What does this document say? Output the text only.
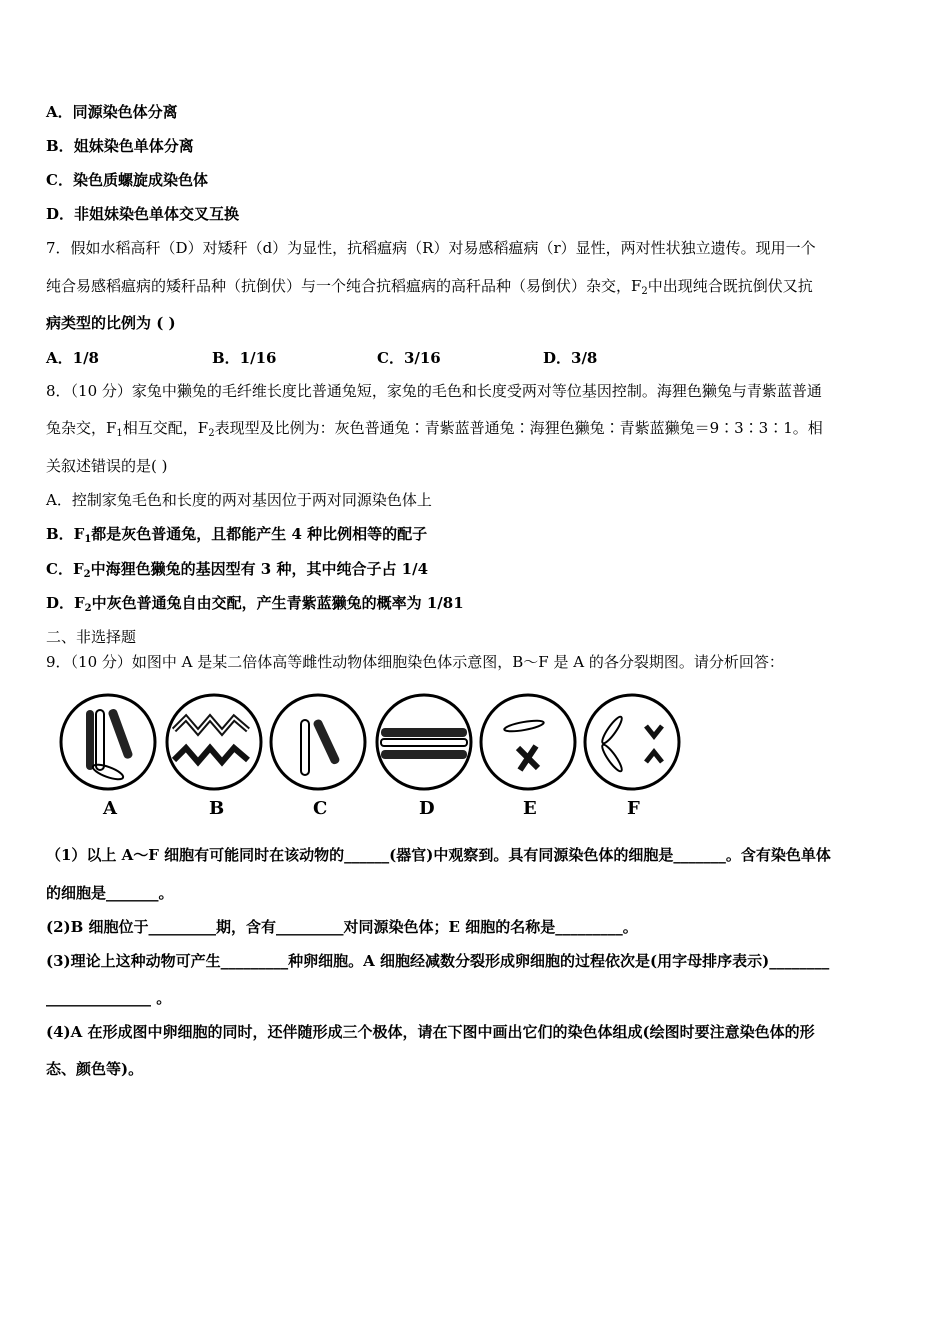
A．同源染色体分离
B．姐妹染色单体分离
C．染色质螺旋成染色体
D．非姐妹染色单体交叉互换
7．假如水稻高秆（D）对矮秆（d）为显性，抗稻瘟病（R）对易感稻瘟病（r）显性，两对性状独立遗传。现用一个
纯合易感稻瘟病的矮秆品种（抗倒伏）与一个纯合抗稻瘟病的高秆品种（易倒伏）杂交，$F_2$中出现纯合既抗倒伏又抗
病类型的比例为 ( )
A．1/8	B．1/16	C．3/16	D．3/8
8．（10 分）家兔中獭兔的毛纤维长度比普通兔短，家兔的毛色和长度受两对等位基因控制。海狸色獭兔与青紫蓝普通
兔杂交，$F_1$相互交配，$F_2$表现型及比例为：灰色普通兔∶青紫蓝普通兔∶海狸色獭兔∶青紫蓝獭兔＝9∶3∶3∶1。相
关叙述错误的是( )
A．控制家兔毛色和长度的两对基因位于两对同源染色体上
B．$F_1$都是灰色普通兔，且都能产生 4 种比例相等的配子
C．$F_2$中海狸色獭兔的基因型有 3 种，其中纯合子占 1/4
D．$F_2$中灰色普通兔自由交配，产生青紫蓝獭兔的概率为 1/81
二、非选择题
9．（10 分）如图中 A 是某二倍体高等雌性动物体细胞染色体示意图，B～F 是 A 的各分裂期图。请分析回答：
A	B	C	D	E	F
（1）以上 A～F 细胞有可能同时在该动物的______(器官)中观察到。具有同源染色体的细胞是_______。含有染色单体
的细胞是_______。
(2)B 细胞位于_________期，含有_________对同源染色体；E 细胞的名称是_________。
(3)理论上这种动物可产生_________种卵细胞。A 细胞经减数分裂形成卵细胞的过程依次是(用字母排序表示)________
______________ 。
(4)A 在形成图中卵细胞的同时，还伴随形成三个极体，请在下图中画出它们的染色体组成(绘图时要注意染色体的形
态、颜色等)。
